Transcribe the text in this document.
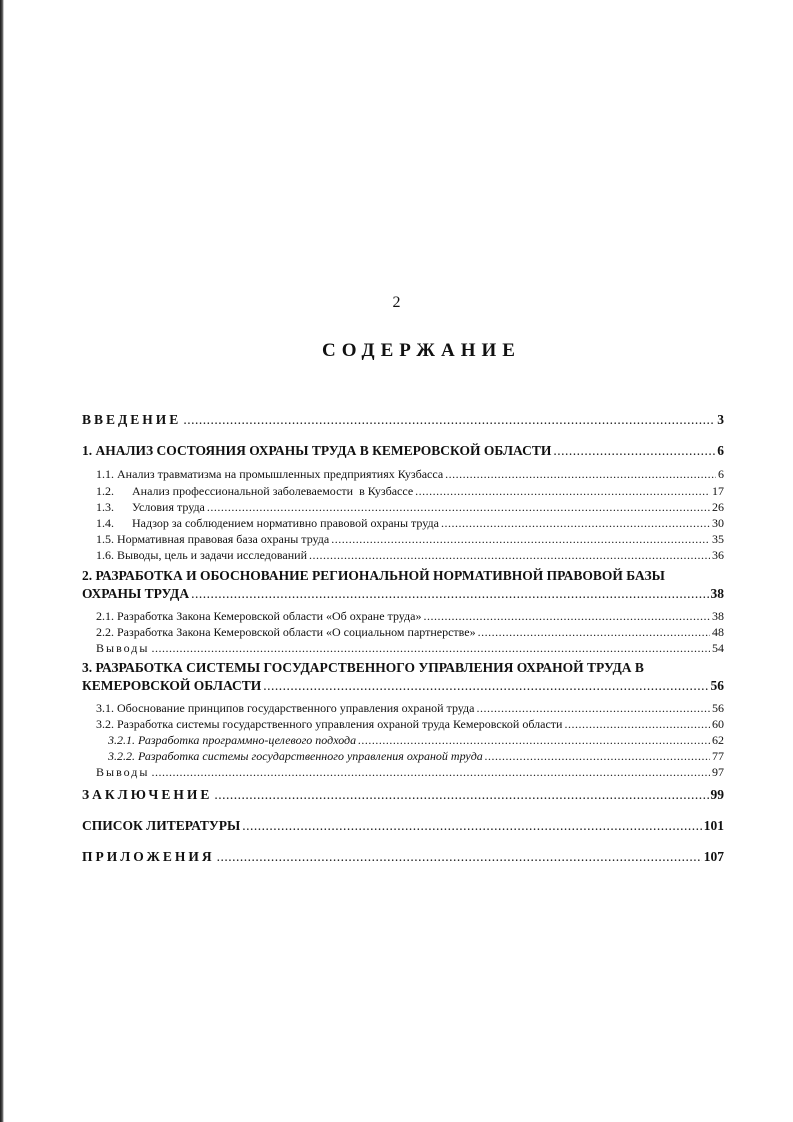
2
СОДЕРЖАНИЕ
ВВЕДЕНИЕ .....	3
1. АНАЛИЗ СОСТОЯНИЯ ОХРАНЫ ТРУДА В КЕМЕРОВСКОЙ ОБЛАСТИ .....	6
1.1. Анализ травматизма на промышленных предприятиях Кузбасса .....	6
1.2.      Анализ профессиональной заболеваемости  в Кузбассе .....	17
1.3.      Условия труда .....	26
1.4.      Надзор за соблюдением нормативно правовой охраны труда .....	30
1.5. Нормативная правовая база охраны труда .....	35
1.6. Выводы, цель и задачи исследований .....	36
2. РАЗРАБОТКА И ОБОСНОВАНИЕ РЕГИОНАЛЬНОЙ НОРМАТИВНОЙ ПРАВОВОЙ БАЗЫ
ОХРАНЫ ТРУДА .....	38
2.1. Разработка Закона Кемеровской области «Об охране труда» .....	38
2.2. Разработка Закона Кемеровской области «О социальном партнерстве» .....	48
Выводы .....	54
3. РАЗРАБОТКА СИСТЕМЫ ГОСУДАРСТВЕННОГО УПРАВЛЕНИЯ ОХРАНОЙ ТРУДА В
КЕМЕРОВСКОЙ ОБЛАСТИ .....	56
3.1. Обоснование принципов государственного управления охраной труда .....	56
3.2. Разработка системы государственного управления охраной труда Кемеровской области .....	60
3.2.1. Разработка программно-целевого подхода .....	62
3.2.2. Разработка системы государственного управления охраной труда .....	77
Выводы .....	97
ЗАКЛЮЧЕНИЕ .....	99
СПИСОК ЛИТЕРАТУРЫ .....	101
ПРИЛОЖЕНИЯ .....	107
